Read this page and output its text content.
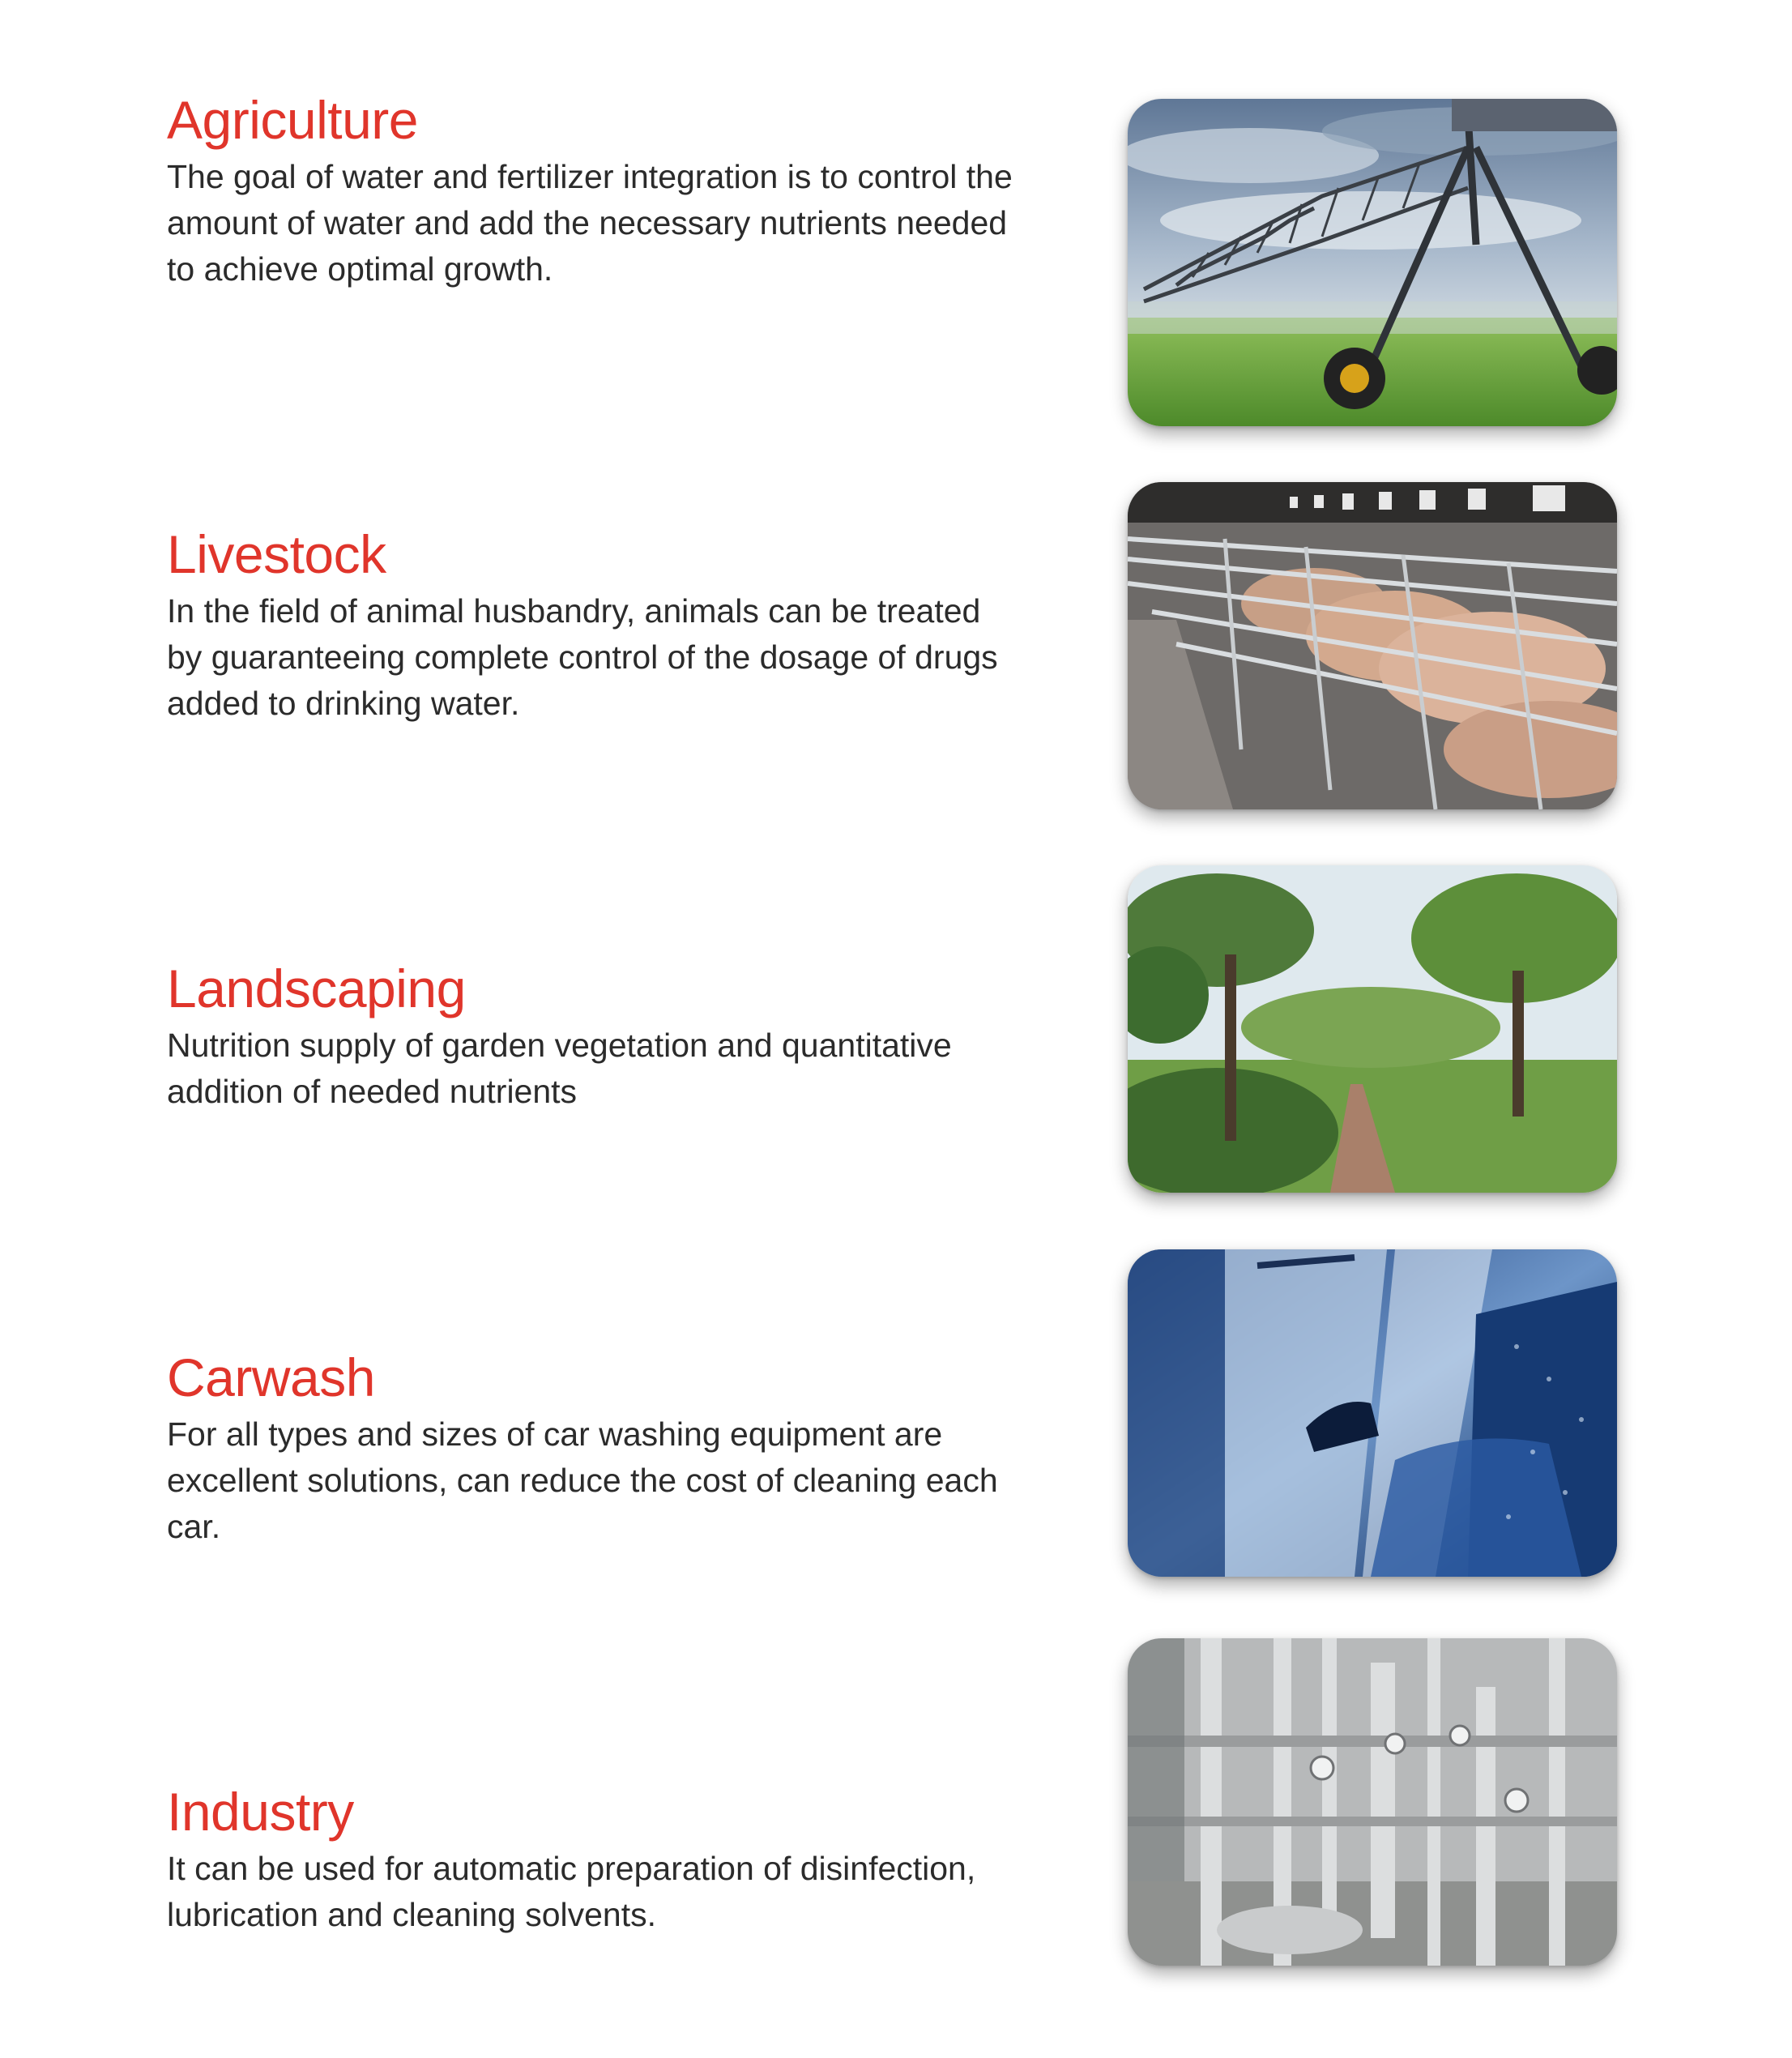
Agriculture

The goal of water and fertilizer integration is to control the amount of water and add the necessary nutrients needed to achieve optimal growth.

Livestock

In the field of animal husbandry, animals can be treated by guaranteeing complete control of the dosage of drugs added to drinking water.

Landscaping

Nutrition supply of garden vegetation and quantitative addition of needed nutrients

Carwash

For all types and sizes of car washing equipment are excellent solutions, can reduce the cost of cleaning each car.

Industry

It can be used for automatic preparation of disinfection, lubrication and cleaning solvents.
